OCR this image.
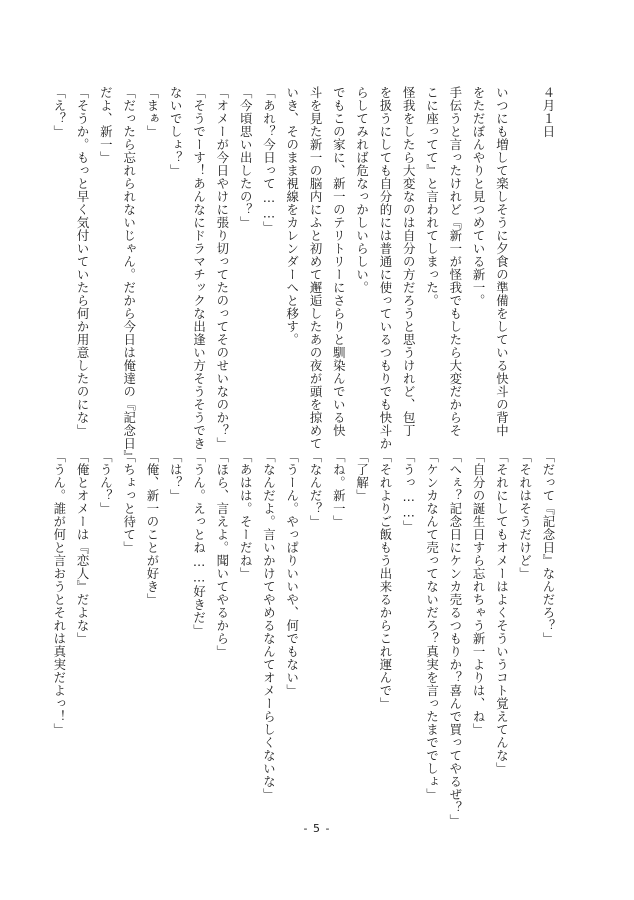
４月１日

いつにも増して楽しそうに夕食の準備をしている快斗の背中

をただぼんやりと見つめている新一。

手伝うと言ったけれど『新一が怪我でもしたら大変だからそ

こに座ってて』と言われてしまった。

怪我をしたら大変なのは自分の方だろうと思うけれど、包丁

を扱うにしても自分的には普通に使っているつもりでも快斗か

らしてみれば危なっかしいらしい。

でもこの家に、新一のテリトリーにさらりと馴染んでいる快

斗を見た新一の脳内にふと初めて邂逅したあの夜が頭を掠めて

いき、そのまま視線をカレンダーへと移す。

「あれ？今日って……」

「今頃思い出したの？」

「オメーが今日やけに張り切ってたのってそのせいなのか？」

「そうでーす！あんなにドラマチックな出逢い方そうそうでき

ないでしょ？」

「まぁ」

「だったら忘れられないじゃん。だから今日は俺達の『記念日』

だよ、新一」

「そうか。もっと早く気付いていたら何か用意したのにな」

「え？」

「だって『記念日』なんだろ？」

「それはそうだけど」

「それにしてもオメーはよくそういうコト覚えてんな」

「自分の誕生日すら忘れちゃう新一よりは、ね」

「へぇ？記念日にケンカ売るつもりか？喜んで買ってやるぜ？」

「ケンカなんて売ってないだろ？真実を言ったまででしょ」

「うっ……」

「それよりご飯もう出来るからこれ運んで」

「了解」

「ね。新一」

「なんだ？」

「うーん。やっぱりいいや、何でもない」

「なんだよ。言いかけてやめるなんてオメーらしくないな」

「あはは。そーだね」

「ほら、言えよ。聞いてやるから」

「うん。えっとね……好きだ」

「は？」

「俺、新一のことが好き」

「ちょっと待て」

「うん？」

「俺とオメーは『恋人』だよな」

「うん。誰が何と言おうとそれは真実だよっ！」

- 5 -
